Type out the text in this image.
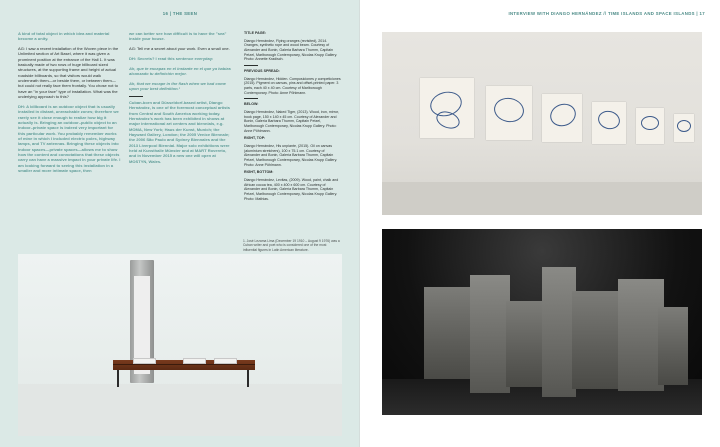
16 | THE SEEN

A kind of total object in which idea and material become a unity.

AG: I saw a recent installation of the Woven piece in the Unlimited section of Art Basel, where it was given a prominent position at the entrance of the Hall 1. It was basically made of two rows of huge billboard sized structures, at the supporting frame and height of actual roadside billboards, so that visitors would walk underneath them—or beside them, or between them—but could not really face them frontally. You chose not to have an "in your face" type of installation. What was the underlying approach to this?

DH: A billboard is an outdoor object that is usually installed in distant, unreachable zones; therefore we rarely see it close enough to realize how big it actually is. Bringing an outdoor–public object to an indoor–private space is indeed very important for this particular work. You probably remember works of mine in which I included electric poles, highway lamps, and TV antennas. Bringing these objects into indoor spaces—private spaces—allows me to show how the content and connotations that these objects carry can have a massive impact in your private life. I am looking forward to seeing this installation in a smaller and more intimate space, then

we can better see how difficult is to have the "sea" inside your house.

AG: Tell me a secret about your work. Even a small one.

DH: Secrets? I read this sentence everyday:

Ah, que te escapas en el instante en el que ya habías alcanzado tu definición mejor.

Ah, that we escape in the flash when we had come upon your best definition.¹

Cuban-born and Düsseldorf-based artist, Diango Hernández, is one of the foremost conceptual artists from Central and South America working today. Hernández's work has been exhibited in shows at major international art centers and biennials, e.g. MOMA, New York; Haus der Kunst, Munich; the Hayward Gallery, London; the 2005 Venice Biennale; the 2006 São Paulo and Sydney Biennales and the 2013 Liverpool Biennial. Major solo exhibitions were held at Kunsthalle Münster and at MART Rovereto, and in November 2015 a new one will open at MOSTYN, Wales.

TITLE PAGE:

Diango Hernández, Flying oranges (revisited), 2014. Oranges, synthetic rope and wood beam. Courtesy of Alexander and Bonin, Galeria Barbara Thumm, Capitain Petzel, Marlborough Contemporary, Nicolas Krupp Gallery. Photo: Annette Kradisch.

PREVIOUS SPREAD:

Diango Hernández, Hidden. Composiciones y competiciones (2015). Pigment on canvas, pins and offset-printed paper. 3 parts, each 40 x 40 cm. Courtesy of Marlborough Contemporary. Photo: Anne Pöhlmann.

BELOW:

Diango Hernández, Naked Tiger, (2013). Wood, iron, mirror, book page, 150 x 140 x 45 cm. Courtesy of Alexander and Bonin, Galería Barbara Thumm, Capitain Petzel, Marlborough Contemporary, Nicolas Krupp Gallery. Photo: Anne Pöhlmann.

RIGHT, TOP:

Diango Hernández, His unpiante, (2015). Oil on canvas (aluminium stretchers), 100 x 75.1 cm. Courtesy of Alexander and Bonin, Galería Barbara Thumm, Capitain Petzel, Marlborough Contemporary, Nicolas Krupp Gallery. Photo: Anne Pöhlmann.

RIGHT, BOTTOM:

Diango Hernández, Levitas, (2009). Wood, paint, chalk and African cocoa tea, 400 x 400 x 600 cm. Courtesy of Alexander and Bonin, Galería Barbara Thumm, Capitain Petzel, Marlborough Contemporary, Nicolas Krupp Gallery. Photo: Mathias.

1. José Lezama Lima (December 19 1910 – August 9 1976) was a Cuban writer and poet who is considered one of the most influential figures in Latin American literature.
INTERVIEW WITH DIANGO HERNÁNDEZ // TIME ISLANDS AND SPACE ISLANDS | 17
